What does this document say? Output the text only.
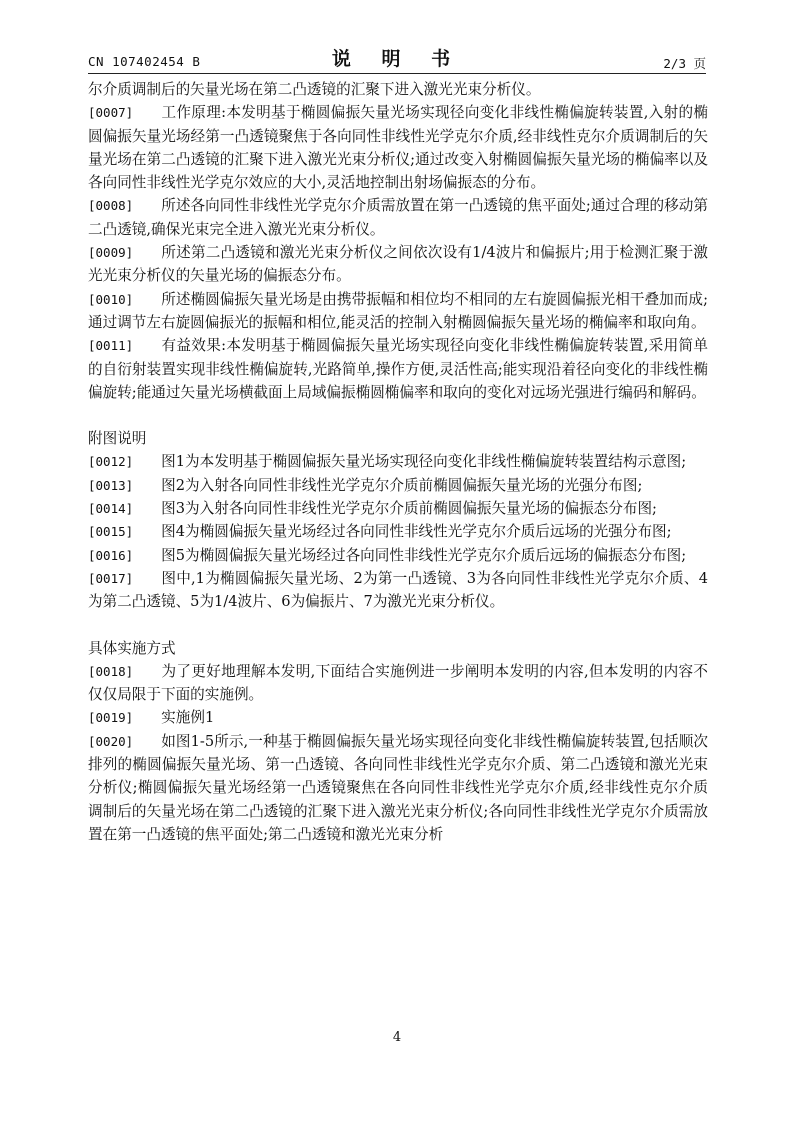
CN 107402454 B	说 明 书	2/3 页

尔介质调制后的矢量光场在第二凸透镜的汇聚下进入激光光束分析仪。

[0007] 工作原理:本发明基于椭圆偏振矢量光场实现径向变化非线性椭偏旋转装置,入射的椭圆偏振矢量光场经第一凸透镜聚焦于各向同性非线性光学克尔介质,经非线性克尔介质调制后的矢量光场在第二凸透镜的汇聚下进入激光光束分析仪;通过改变入射椭圆偏振矢量光场的椭偏率以及各向同性非线性光学克尔效应的大小,灵活地控制出射场偏振态的分布。

[0008] 所述各向同性非线性光学克尔介质需放置在第一凸透镜的焦平面处;通过合理的移动第二凸透镜,确保光束完全进入激光光束分析仪。

[0009] 所述第二凸透镜和激光光束分析仪之间依次设有1/4波片和偏振片;用于检测汇聚于激光光束分析仪的矢量光场的偏振态分布。

[0010] 所述椭圆偏振矢量光场是由携带振幅和相位均不相同的左右旋圆偏振光相干叠加而成;通过调节左右旋圆偏振光的振幅和相位,能灵活的控制入射椭圆偏振矢量光场的椭偏率和取向角。

[0011] 有益效果:本发明基于椭圆偏振矢量光场实现径向变化非线性椭偏旋转装置,采用简单的自衍射装置实现非线性椭偏旋转,光路简单,操作方便,灵活性高;能实现沿着径向变化的非线性椭偏旋转;能通过矢量光场横截面上局域偏振椭圆椭偏率和取向的变化对远场光强进行编码和解码。

附图说明

[0012] 图1为本发明基于椭圆偏振矢量光场实现径向变化非线性椭偏旋转装置结构示意图;

[0013] 图2为入射各向同性非线性光学克尔介质前椭圆偏振矢量光场的光强分布图;

[0014] 图3为入射各向同性非线性光学克尔介质前椭圆偏振矢量光场的偏振态分布图;

[0015] 图4为椭圆偏振矢量光场经过各向同性非线性光学克尔介质后远场的光强分布图;

[0016] 图5为椭圆偏振矢量光场经过各向同性非线性光学克尔介质后远场的偏振态分布图;

[0017] 图中,1为椭圆偏振矢量光场、2为第一凸透镜、3为各向同性非线性光学克尔介质、4为第二凸透镜、5为1/4波片、6为偏振片、7为激光光束分析仪。

具体实施方式

[0018] 为了更好地理解本发明,下面结合实施例进一步阐明本发明的内容,但本发明的内容不仅仅局限于下面的实施例。

[0019] 实施例1

[0020] 如图1-5所示,一种基于椭圆偏振矢量光场实现径向变化非线性椭偏旋转装置,包括顺次排列的椭圆偏振矢量光场、第一凸透镜、各向同性非线性光学克尔介质、第二凸透镜和激光光束分析仪;椭圆偏振矢量光场经第一凸透镜聚焦在各向同性非线性光学克尔介质,经非线性克尔介质调制后的矢量光场在第二凸透镜的汇聚下进入激光光束分析仪;各向同性非线性光学克尔介质需放置在第一凸透镜的焦平面处;第二凸透镜和激光光束分析

4
